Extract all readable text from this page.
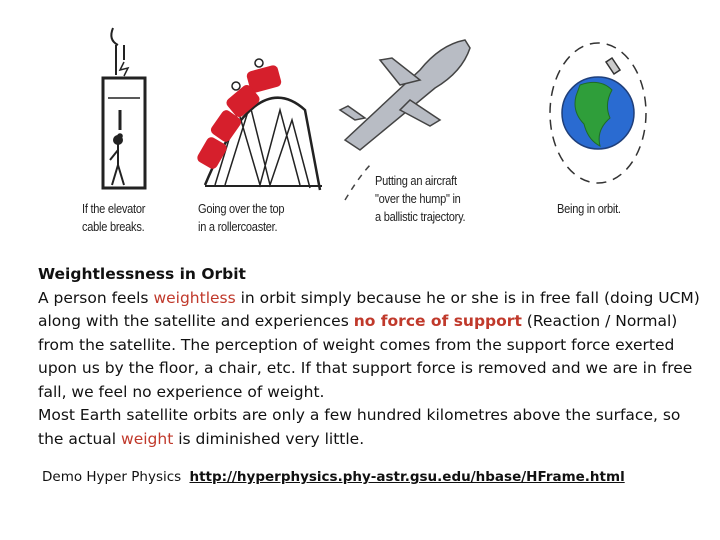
If the elevator
cable breaks.
Going over the top
in a rollercoaster.
Putting an aircraft
"over the hump" in
a ballistic trajectory.
Being in orbit.
Weightlessness in Orbit
A person feels weightless in orbit simply because he or she is in free fall (doing UCM) along with the satellite and experiences no force of support (Reaction / Normal) from the satellite. The perception of weight comes from the support force exerted upon us by the floor, a chair, etc. If that support force is removed and we are in free fall, we feel no experience of weight.
Most Earth satellite orbits are only a few hundred kilometres above the surface, so the actual weight is diminished very little.
Demo Hyper Physics http://hyperphysics.phy-astr.gsu.edu/hbase/HFrame.html
